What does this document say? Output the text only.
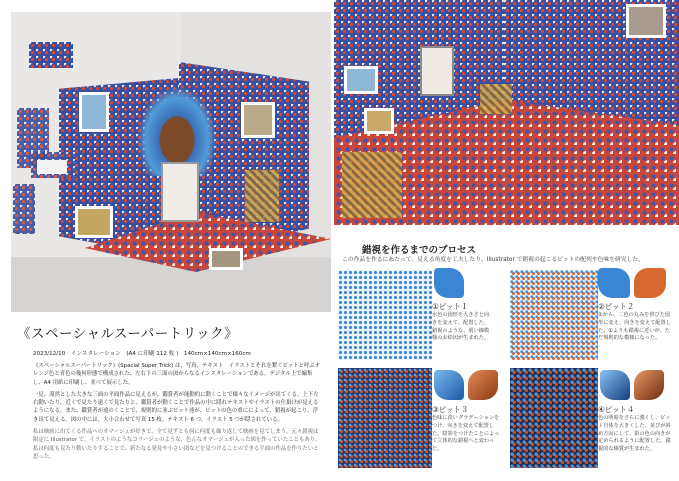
《スペーシャルスーパートリック》
2023/12/10　インスタレーション　(A4 に印刷 112 枚 )　140cm×140cm×160cm

《スペーシャルスーパートリック》(Spacial Super Trick) は、写真、テキスト　イラストとそれを繋ぐピットと呼ぶオレンジ色と青色の幾何形態で構成された、左右下の三面の図からなるインスタレーションである。デジタル上で編集し、A4 用紙に印刷し、並べて展示した。

一見、漠然とした大きな三面の平面作品に見えるが、鑑賞者が能動的に動くことで様々なイメージが出てくる。上下左右動いたり、近くで見たり遠くで見たりと、鑑賞者が動くことで作品の中に隠れテキストやイラストの仕掛けが見えるようになる。また、鑑賞者が遠のくことで、規則的に並ぶピット達が、ピットの色の重にによって、錯視が起こり、浮き出て見える。図の中には、大小合わせて写真 15 枚、テキスト 6 つ、イラスト 5 つが隠されている。

私は映画に出てくる作品へのオマージュが好きで、全て見ずとも何に何度も繰り返して映画を見てしまう。元々錯視は限定に Illustrator で、イラストのようなコラージュのような、色んなオマージュが入った図を作っていたこともあり、私は何度も見たり動いたりすることで、新たなる発見や小さい図などを見つけることのできる平面の作品を作りたいと思った。

①ピット１
水色の図形を大きさと向きを変えて、配置した。錯視のような、肌い線模様のお絵図が生まれた。
②ピット２
①から、二色の丸みを帯びた図形に変え、向きを変えて配置した。①よりも錯視に近いが、ただ規則的な模様になった。
③ピット３
色味に淡いグラデーションをつけ、向きを変えて配置した。陰影をつけたことによって立体的な錯視へと変わった。
④ピット４
色の明暗をさらに強くし、ピット自体を大きくした。並びが斜め方向にして、影の色の向きが定められるように配置した。錯視的な線質が生まれた。
錯視を作るまでのプロセス
この作品を作るにあたって、見える角度を工夫したり、Illustrator で錯視の起こるピットの配列や色味を研究した。
